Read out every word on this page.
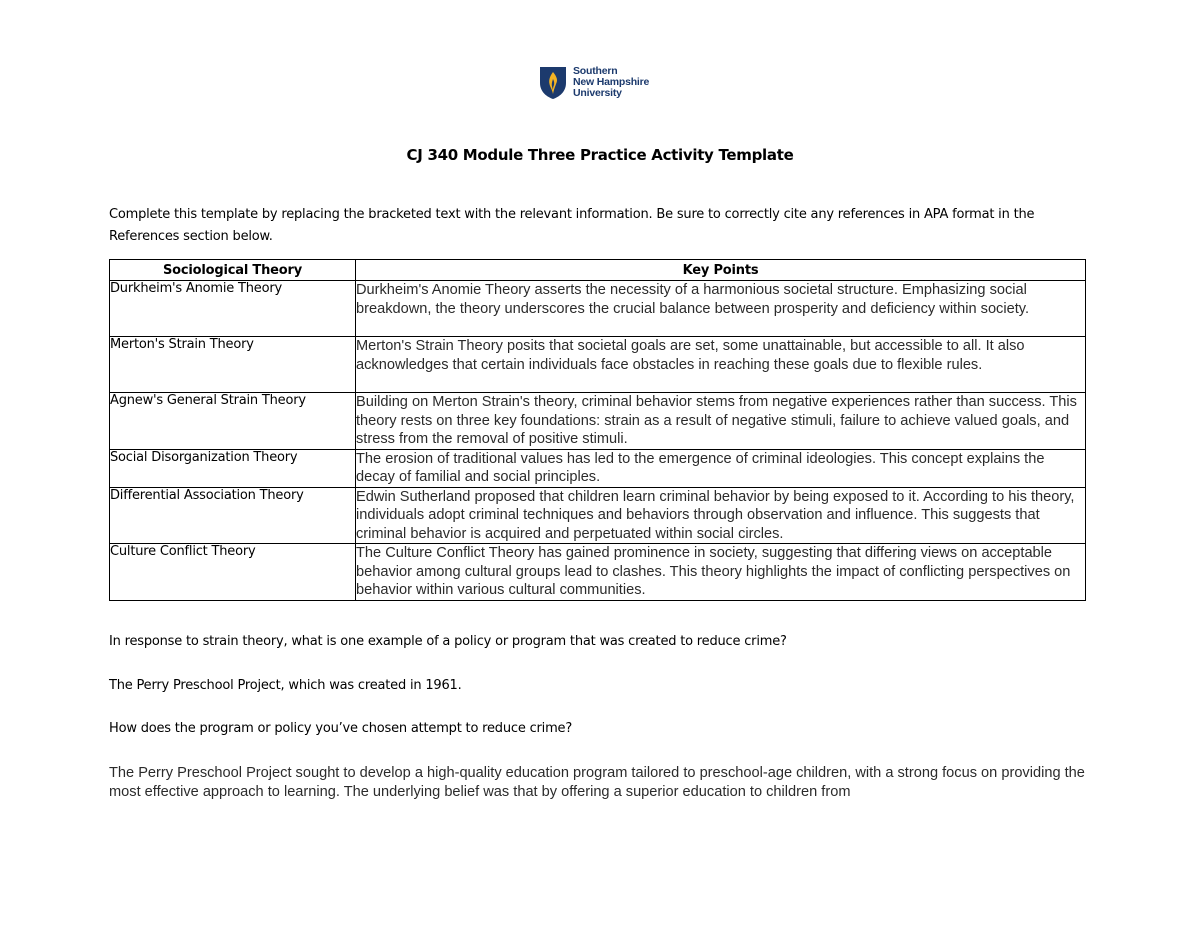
Southern
New Hampshire
University
CJ 340 Module Three Practice Activity Template
Complete this template by replacing the bracketed text with the relevant information. Be sure to correctly cite any references in APA format in the References section below.
Sociological Theory	Key Points
Durkheim's Anomie Theory	Durkheim's Anomie Theory asserts the necessity of a harmonious societal structure. Emphasizing social breakdown, the theory underscores the crucial balance between prosperity and deficiency within society.
Merton's Strain Theory	Merton's Strain Theory posits that societal goals are set, some unattainable, but accessible to all. It also acknowledges that certain individuals face obstacles in reaching these goals due to flexible rules.
Agnew's General Strain Theory	Building on Merton Strain's theory, criminal behavior stems from negative experiences rather than success. This theory rests on three key foundations: strain as a result of negative stimuli, failure to achieve valued goals, and stress from the removal of positive stimuli.
Social Disorganization Theory	The erosion of traditional values has led to the emergence of criminal ideologies. This concept explains the decay of familial and social principles.
Differential Association Theory	Edwin Sutherland proposed that children learn criminal behavior by being exposed to it. According to his theory, individuals adopt criminal techniques and behaviors through observation and influence. This suggests that criminal behavior is acquired and perpetuated within social circles.
Culture Conflict Theory	The Culture Conflict Theory has gained prominence in society, suggesting that differing views on acceptable behavior among cultural groups lead to clashes. This theory highlights the impact of conflicting perspectives on behavior within various cultural communities.
In response to strain theory, what is one example of a policy or program that was created to reduce crime?
The Perry Preschool Project, which was created in 1961.
How does the program or policy you’ve chosen attempt to reduce crime?
The Perry Preschool Project sought to develop a high-quality education program tailored to preschool-age children, with a strong focus on providing the most effective approach to learning. The underlying belief was that by offering a superior education to children from
